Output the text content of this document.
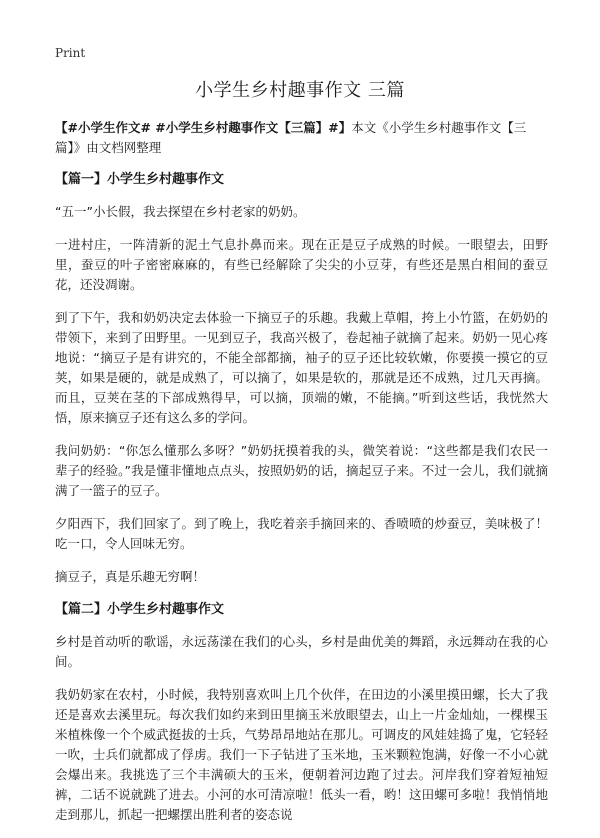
Print
小学生乡村趣事作文 三篇

【#小学生作文# #小学生乡村趣事作文【三篇】#】本文《小学生乡村趣事作文【三篇】》由文档网整理

【篇一】小学生乡村趣事作文

“五一”小长假，我去探望在乡村老家的奶奶。

一进村庄，一阵清新的泥土气息扑鼻而来。现在正是豆子成熟的时候。一眼望去，田野里，蚕豆的叶子密密麻麻的，有些已经解除了尖尖的小豆芽，有些还是黑白相间的蚕豆花，还没凋谢。

到了下午，我和奶奶决定去体验一下摘豆子的乐趣。我戴上草帽，挎上小竹篮，在奶奶的带领下，来到了田野里。一见到豆子，我高兴极了，卷起袖子就摘了起来。奶奶一见心疼地说：“摘豆子是有讲究的，不能全部都摘，袖子的豆子还比较软嫩，你要摸一摸它的豆荚，如果是硬的，就是成熟了，可以摘了，如果是软的，那就是还不成熟，过几天再摘。而且，豆荚在茎的下部成熟得早，可以摘，顶端的嫩，不能摘。”听到这些话，我恍然大悟，原来摘豆子还有这么多的学问。

我问奶奶：“你怎么懂那么多呀？”奶奶抚摸着我的头，微笑着说：“这些都是我们农民一辈子的经验。”我是懂非懂地点点头，按照奶奶的话，摘起豆子来。不过一会儿，我们就摘满了一篮子的豆子。

夕阳西下，我们回家了。到了晚上，我吃着亲手摘回来的、香喷喷的炒蚕豆，美味极了！吃一口，令人回味无穷。

摘豆子，真是乐趣无穷啊！

【篇二】小学生乡村趣事作文

乡村是首动听的歌谣，永远荡漾在我们的心头，乡村是曲优美的舞蹈，永远舞动在我的心间。

我奶奶家在农村，小时候，我特别喜欢叫上几个伙伴，在田边的小溪里摸田螺，长大了我还是喜欢去溪里玩。每次我们如约来到田里摘玉米放眼望去，山上一片金灿灿，一棵棵玉米植株像一个个威武挺拔的士兵，气势昂昂地站在那儿。可调皮的风娃娃捣了鬼，它轻轻一吹，士兵们就都成了俘虏。我们一下子钻进了玉米地，玉米颗粒饱满，好像一不小心就会爆出来。我挑选了三个丰满硕大的玉米，便朝着河边跑了过去。河岸我们穿着短袖短裤，二话不说就跳了进去。小河的水可清凉啦！低头一看，哟！这田螺可多啦！我悄悄地走到那儿，抓起一把螺摆出胜利者的姿态说
